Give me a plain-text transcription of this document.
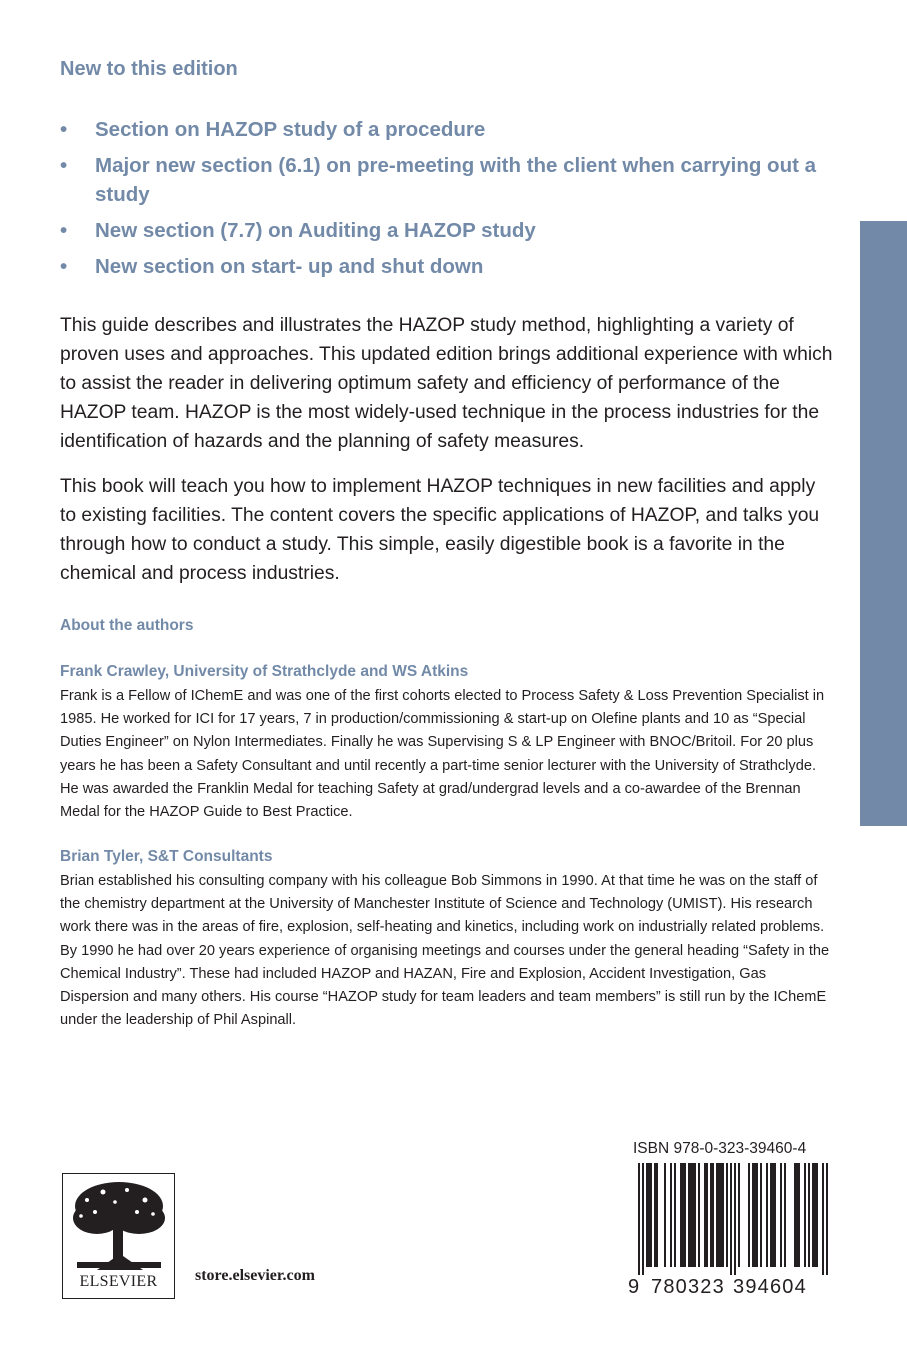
New to this edition
• Section on HAZOP study of a procedure
• Major new section (6.1) on pre-meeting with the client when carrying out a study
• New section (7.7) on Auditing a HAZOP study
• New section on start- up and shut down

This guide describes and illustrates the HAZOP study method, highlighting a variety of proven uses and approaches. This updated edition brings additional experience with which to assist the reader in delivering optimum safety and efficiency of performance of the HAZOP team. HAZOP is the most widely-used technique in the process industries for the identification of hazards and the planning of safety measures.

This book will teach you how to implement HAZOP techniques in new facilities and apply to existing facilities. The content covers the specific applications of HAZOP, and talks you through how to conduct a study. This simple, easily digestible book is a favorite in the chemical and process industries.

About the authors
Frank Crawley, University of Strathclyde and WS Atkins

Frank is a Fellow of IChemE and was one of the first cohorts elected to Process Safety & Loss Prevention Specialist in 1985. He worked for ICI for 17 years, 7 in production/commissioning & start-up on Olefine plants and 10 as “Special Duties Engineer” on Nylon Intermediates. Finally he was Supervising S & LP Engineer with BNOC/Britoil. For 20 plus years he has been a Safety Consultant and until recently a part-time senior lecturer with the University of Strathclyde. He was awarded the Franklin Medal for teaching Safety at grad/undergrad levels and a co-awardee of the Brennan Medal for the HAZOP Guide to Best Practice.

Brian Tyler, S&T Consultants

Brian established his consulting company with his colleague Bob Simmons in 1990. At that time he was on the staff of the chemistry department at the University of Manchester Institute of Science and Technology (UMIST). His research work there was in the areas of fire, explosion, self-heating and kinetics, including work on industrially related problems. By 1990 he had over 20 years experience of organising meetings and courses under the general heading “Safety in the Chemical Industry”. These had included HAZOP and HAZAN, Fire and Explosion, Accident Investigation, Gas Dispersion and many others. His course “HAZOP study for team leaders and team members” is still run by the IChemE under the leadership of Phil Aspinall.

ELSEVIER	store.elsevier.com
ISBN 978-0-323-39460-4
9 780323 394604
